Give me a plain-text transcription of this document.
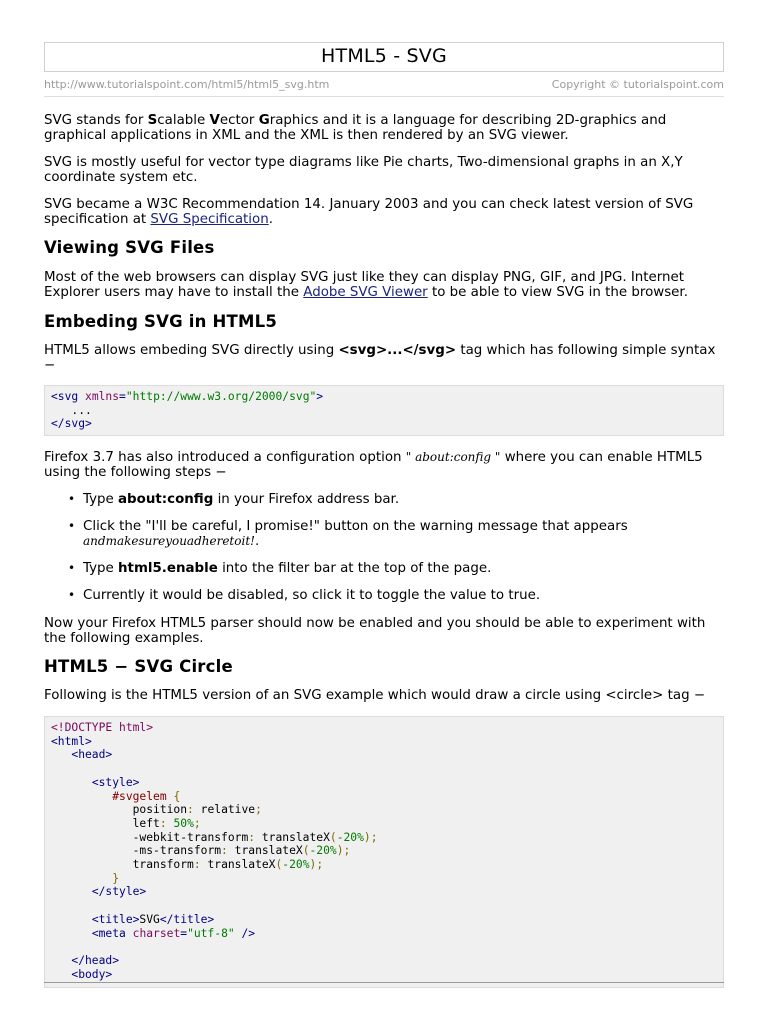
HTML5 - SVG
http://www.tutorialspoint.com/html5/html5_svg.htm	Copyright © tutorialspoint.com

SVG stands for Scalable Vector Graphics and it is a language for describing 2D-graphics and graphical applications in XML and the XML is then rendered by an SVG viewer.

SVG is mostly useful for vector type diagrams like Pie charts, Two-dimensional graphs in an X,Y coordinate system etc.

SVG became a W3C Recommendation 14. January 2003 and you can check latest version of SVG specification at SVG Specification.

Viewing SVG Files

Most of the web browsers can display SVG just like they can display PNG, GIF, and JPG. Internet Explorer users may have to install the Adobe SVG Viewer to be able to view SVG in the browser.

Embeding SVG in HTML5

HTML5 allows embeding SVG directly using <svg>...</svg> tag which has following simple syntax −

<svg xmlns="http://www.w3.org/2000/svg">
...
</svg>

Firefox 3.7 has also introduced a configuration option " about:config " where you can enable HTML5 using the following steps −

• Type about:config in your Firefox address bar.
• Click the "I'll be careful, I promise!" button on the warning message that appears
andmakesureyouadheretoit!.
• Type html5.enable into the filter bar at the top of the page.
• Currently it would be disabled, so click it to toggle the value to true.

Now your Firefox HTML5 parser should now be enabled and you should be able to experiment with the following examples.

HTML5 − SVG Circle

Following is the HTML5 version of an SVG example which would draw a circle using <circle> tag −

<!DOCTYPE html>
<html>
<head>

<style>
#svgelem {
position: relative;
left: 50%;
-webkit-transform: translateX(-20%);
-ms-transform: translateX(-20%);
transform: translateX(-20%);
}
</style>

<title>SVG</title>
<meta charset="utf-8" />

</head>
<body>
